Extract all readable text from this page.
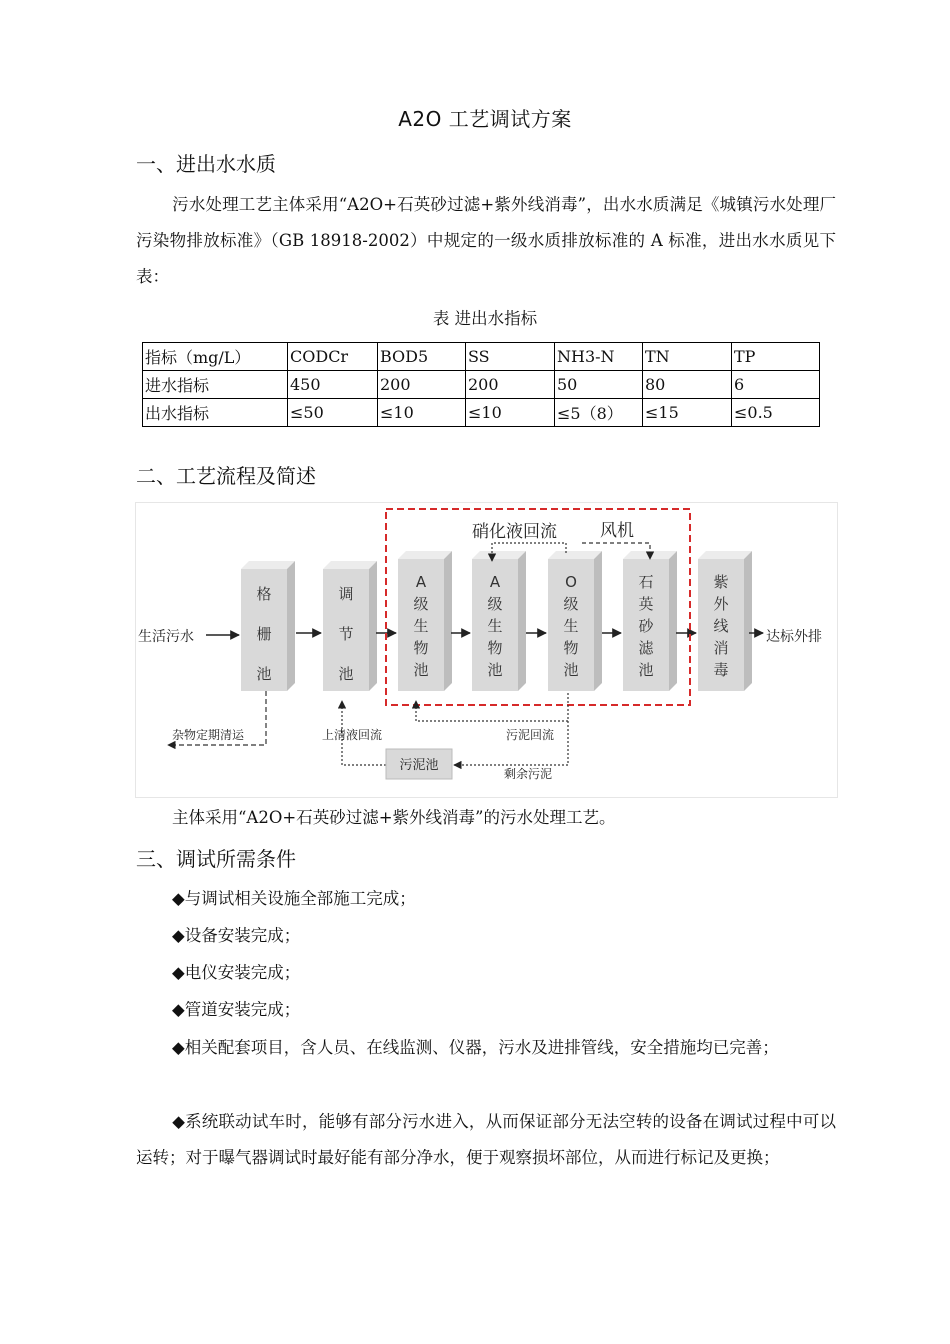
A2O 工艺调试方案
一、进出水水质
污水处理工艺主体采用“A2O+石英砂过滤+紫外线消毒”，出水水质满足《城镇污水处理厂污染物排放标准》（GB 18918-2002）中规定的一级水质排放标准的 A 标准，进出水水质见下表：
表 进出水指标
指标（mg/L）	CODCr	BOD5	SS	NH3-N	TN	TP
进水指标	450	200	200	50	80	6
出水指标	≤50	≤10	≤10	≤5（8）	≤15	≤0.5
二、工艺流程及简述
格
栅
池
调
节
池
A
级
生
物
池
A
级
生
物
池
O
级
生
物
池
石
英
砂
滤
池
紫
外
线
消
毒
污泥池
生活污水	达标外排
硝化液回流	风机
杂物定期清运	上清液回流	污泥回流
剩余污泥
主体采用“A2O+石英砂过滤+紫外线消毒”的污水处理工艺。
三、调试所需条件
◆与调试相关设施全部施工完成；
◆设备安装完成；
◆电仪安装完成；
◆管道安装完成；
◆相关配套项目，含人员、在线监测、仪器，污水及进排管线，安全措施均已完善；
◆系统联动试车时，能够有部分污水进入，从而保证部分无法空转的设备在调试过程中可以运转；对于曝气器调试时最好能有部分净水，便于观察损坏部位，从而进行标记及更换；
